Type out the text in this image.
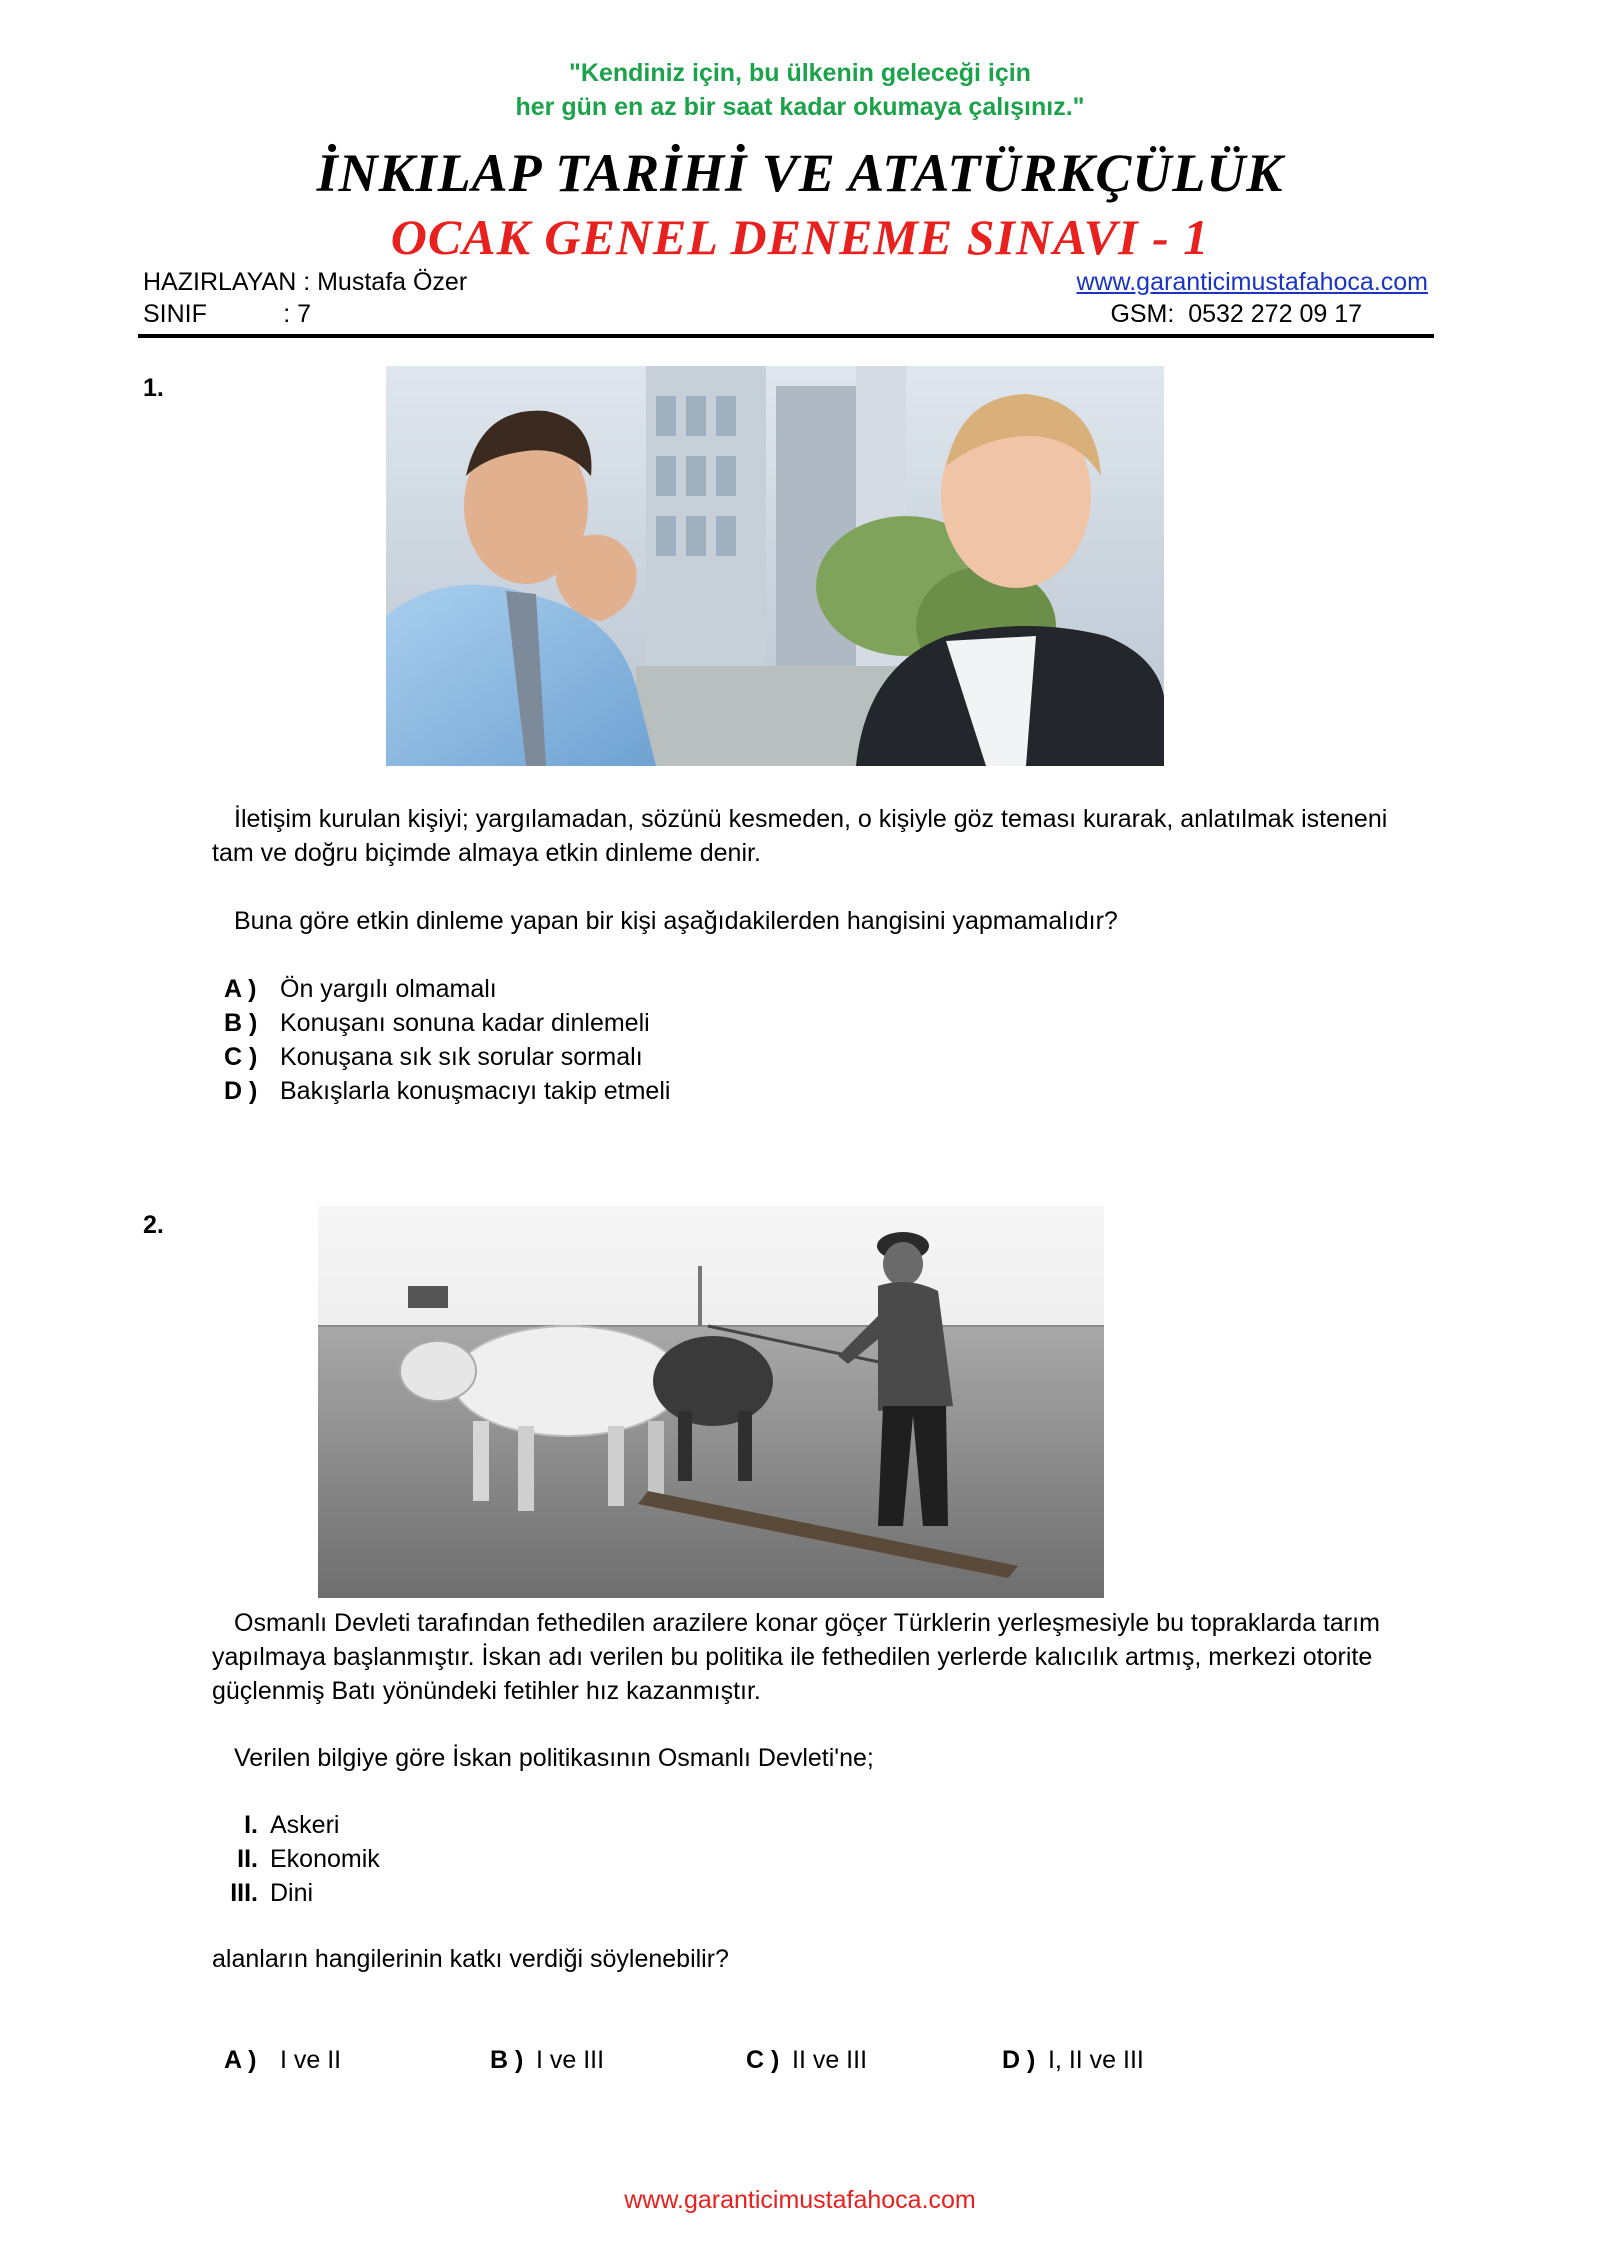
"Kendiniz için, bu ülkenin geleceği için
her gün en az bir saat kadar okumaya çalışınız."
İNKILAP TARİHİ VE ATATÜRKÇÜLÜK
OCAK GENEL DENEME SINAVI - 1
HAZIRLAYAN : Mustafa Özer
SINIF           : 7
www.garanticimustafahoca.com
GSM:  0532 272 09 17
1.
İletişim kurulan kişiyi; yargılamadan, sözünü kesmeden, o kişiyle göz teması kurarak, anlatılmak isteneni tam ve doğru biçimde almaya etkin dinleme denir.
Buna göre etkin dinleme yapan bir kişi aşağıdakilerden hangisini yapmamalıdır?
A ) Ön yargılı olmamalı
B ) Konuşanı sonuna kadar dinlemeli
C ) Konuşana sık sık sorular sormalı
D ) Bakışlarla konuşmacıyı takip etmeli
2.
Osmanlı Devleti tarafından fethedilen arazilere konar göçer Türklerin yerleşmesiyle bu topraklarda tarım yapılmaya başlanmıştır. İskan adı verilen bu politika ile fethedilen yerlerde kalıcılık artmış, merkezi otorite güçlenmiş Batı yönündeki fetihler hız kazanmıştır.
Verilen bilgiye göre İskan politikasının Osmanlı Devleti'ne;
I. Askeri
II. Ekonomik
III. Dini
alanların hangilerinin katkı verdiği söylenebilir?
A ) I ve II	B ) I ve III	C ) II ve III	D ) I, II ve III
www.garanticimustafahoca.com
